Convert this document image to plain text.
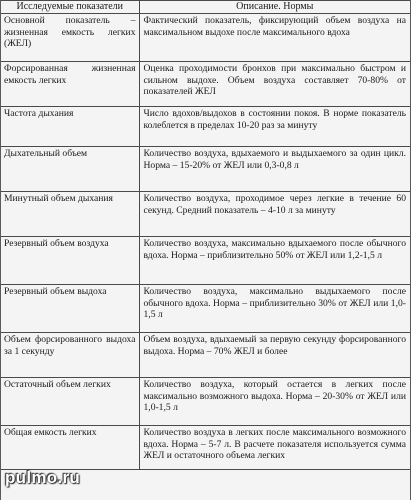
Исследуемые показатели	Описание. Нормы
Основной показатель – жизненная емкость легких (ЖЕЛ)	Фактический показатель, фиксирующий объем воздуха на максимальном выдохе после максимального вдоха
Форсированная жизненная емкость легких	Оценка проходимости бронхов при максимально быстром и сильном выдохе. Объем воздуха составляет 70-80% от показателей ЖЕЛ
Частота дыхания	Число вдохов/выдохов в состоянии покоя. В норме показатель колеблется в пределах 10-20 раз за минуту
Дыхательный объем	Количество воздуха, вдыхаемого и выдыхаемого за один цикл. Норма – 15-20% от ЖЕЛ или 0,3-0,8 л
Минутный объем дыхания	Количество воздуха, проходимое через легкие в течение 60 секунд. Средний показатель – 4-10 л за минуту
Резервный объем воздуха	Количество воздуха, максимально вдыхаемого после обычного вдоха. Норма – приблизительно 50% от ЖЕЛ или 1,2-1,5 л
Резервный объем выдоха	Количество воздуха, максимально выдыхаемого после обычного вдоха. Норма – приблизительно 30% от ЖЕЛ или 1,0-1,5 л
Объем форсированного выдоха за 1 секунду	Объем воздуха, вдыхаемый за первую секунду форсированного выдоха. Норма – 70% ЖЕЛ и более
Остаточный объем легких	Количество воздуха, который остается в легких после максимально возможного выдоха. Норма – 20-30% от ЖЕЛ или 1,0-1,5 л
Общая емкость легких	Количество воздуха в легких после максимального возможного вдоха. Норма – 5-7 л. В расчете показателя используется сумма ЖЕЛ и остаточного объема легких
pulmo.ru
